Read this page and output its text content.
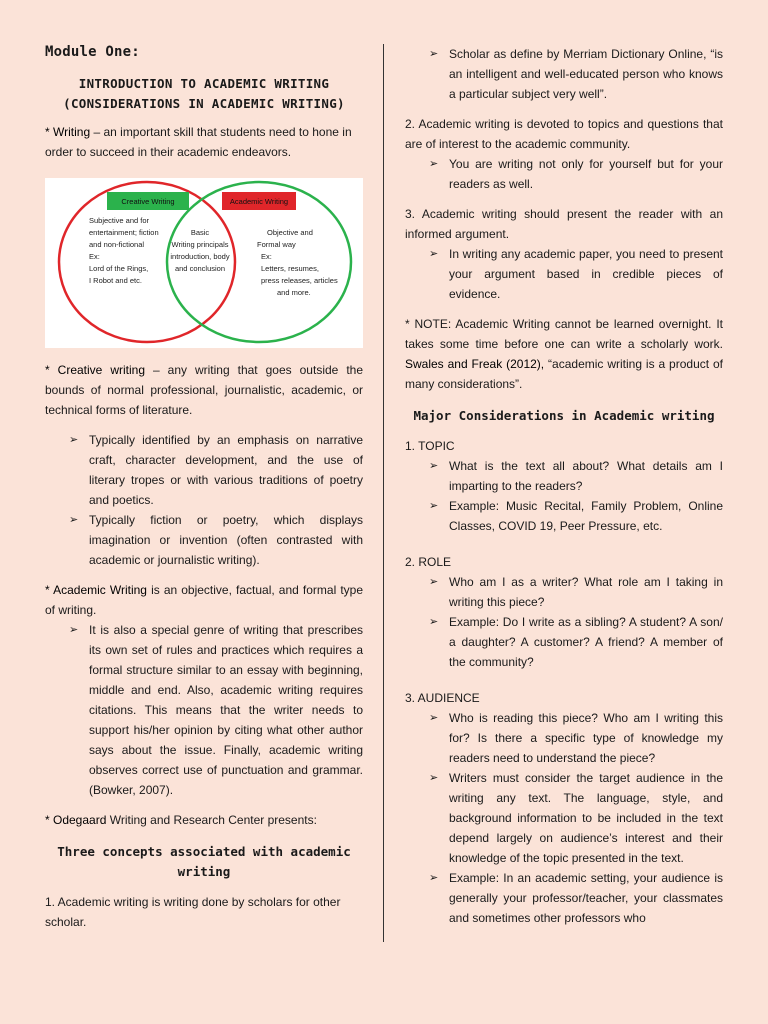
Module One:
INTRODUCTION TO ACADEMIC WRITING
(CONSIDERATIONS IN ACADEMIC WRITING)

* Writing – an important skill that students need to hone in order to succeed in their academic endeavors.

Creative Writing	Academic Writing
Subjective and for
entertainment; fiction
and non-fictional
Ex:
Lord of the Rings,
I Robot and etc.
Basic
Writing principals
introduction, body
and conclusion
Objective and
Formal way
Ex:
Letters, resumes,
press releases, articles
and more.

* Creative writing – any writing that goes outside the bounds of normal professional, journalistic, academic, or technical forms of literature.

➢ Typically identified by an emphasis on narrative craft, character development, and the use of literary tropes or with various traditions of poetry and poetics.
➢ Typically fiction or poetry, which displays imagination or invention (often contrasted with academic or journalistic writing).

* Academic Writing is an objective, factual, and formal type of writing.

➢ It is also a special genre of writing that prescribes its own set of rules and practices which requires a formal structure similar to an essay with beginning, middle and end. Also, academic writing requires citations. This means that the writer needs to support his/her opinion by citing what other author says about the issue. Finally, academic writing observes correct use of punctuation and grammar. (Bowker, 2007).

* Odegaard Writing and Research Center presents:

Three concepts associated with academic writing

1. Academic writing is writing done by scholars for other scholar.

➢ Scholar as define by Merriam Dictionary Online, “is an intelligent and well-educated person who knows a particular subject very well”.

2. Academic writing is devoted to topics and questions that are of interest to the academic community.

➢ You are writing not only for yourself but for your readers as well.

3. Academic writing should present the reader with an informed argument.

➢ In writing any academic paper, you need to present your argument based in credible pieces of evidence.

* NOTE: Academic Writing cannot be learned overnight. It takes some time before one can write a scholarly work. Swales and Freak (2012), “academic writing is a product of many considerations”.

Major Considerations in Academic writing

1. TOPIC

➢ What is the text all about? What details am I imparting to the readers?
➢ Example: Music Recital, Family Problem, Online Classes, COVID 19, Peer Pressure, etc.

2. ROLE

➢ Who am I as a writer? What role am I taking in writing this piece?
➢ Example: Do I write as a sibling? A student? A son/ a daughter? A customer? A friend? A member of the community?

3. AUDIENCE

➢ Who is reading this piece? Who am I writing this for? Is there a specific type of knowledge my readers need to understand the piece?
➢ Writers must consider the target audience in the writing any text. The language, style, and background information to be included in the text depend largely on audience’s interest and their knowledge of the topic presented in the text.
➢ Example: In an academic setting, your audience is generally your professor/teacher, your classmates and sometimes other professors who
